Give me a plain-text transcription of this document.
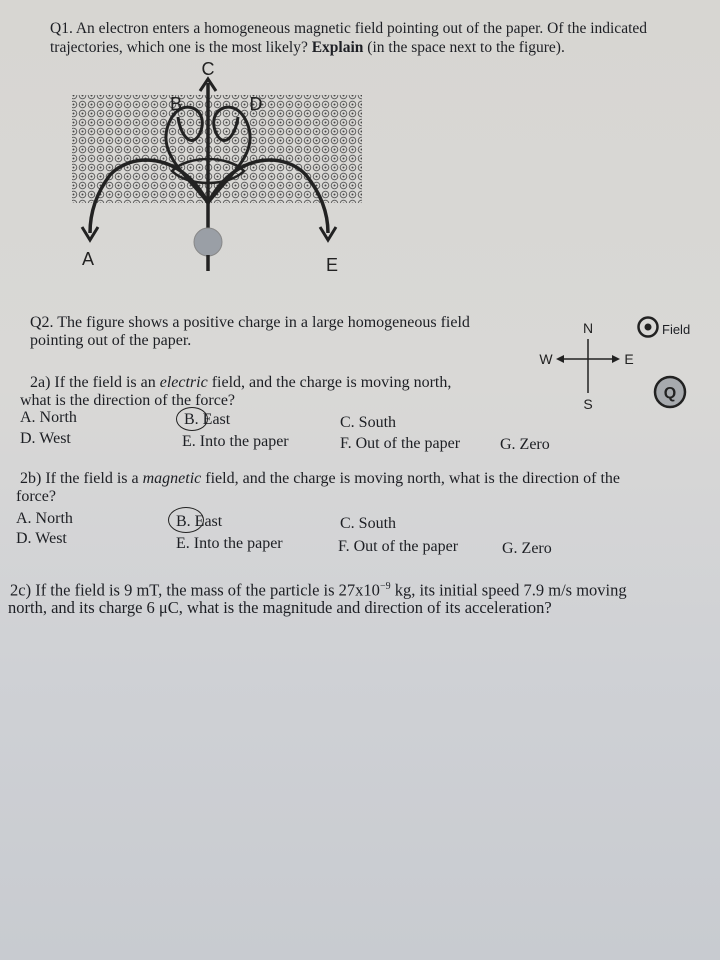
Q1. An electron enters a homogeneous magnetic field pointing out of the paper. Of the indicated
trajectories, which one is the most likely? Explain (in the space next to the figure).
C
B	D
A	E
Q2. The figure shows a positive charge in a large homogeneous field
pointing out of the paper.
N
S
W	E
Field
Q
2a) If the field is an electric field, and the charge is moving north,
what is the direction of the force?
A. North	B. East	C. South
D. West	E. Into the paper	F. Out of the paper G. Zero
2b) If the field is a magnetic field, and the charge is moving north, what is the direction of the
force?
A. North	B. East	C. South
D. West	E. Into the paper	F. Out of the paper	G. Zero
2c) If the field is 9 mT, the mass of the particle is $27x10^{-9}$ kg, its initial speed 7.9 m/s moving
north, and its charge 6 μC, what is the magnitude and direction of its acceleration?
